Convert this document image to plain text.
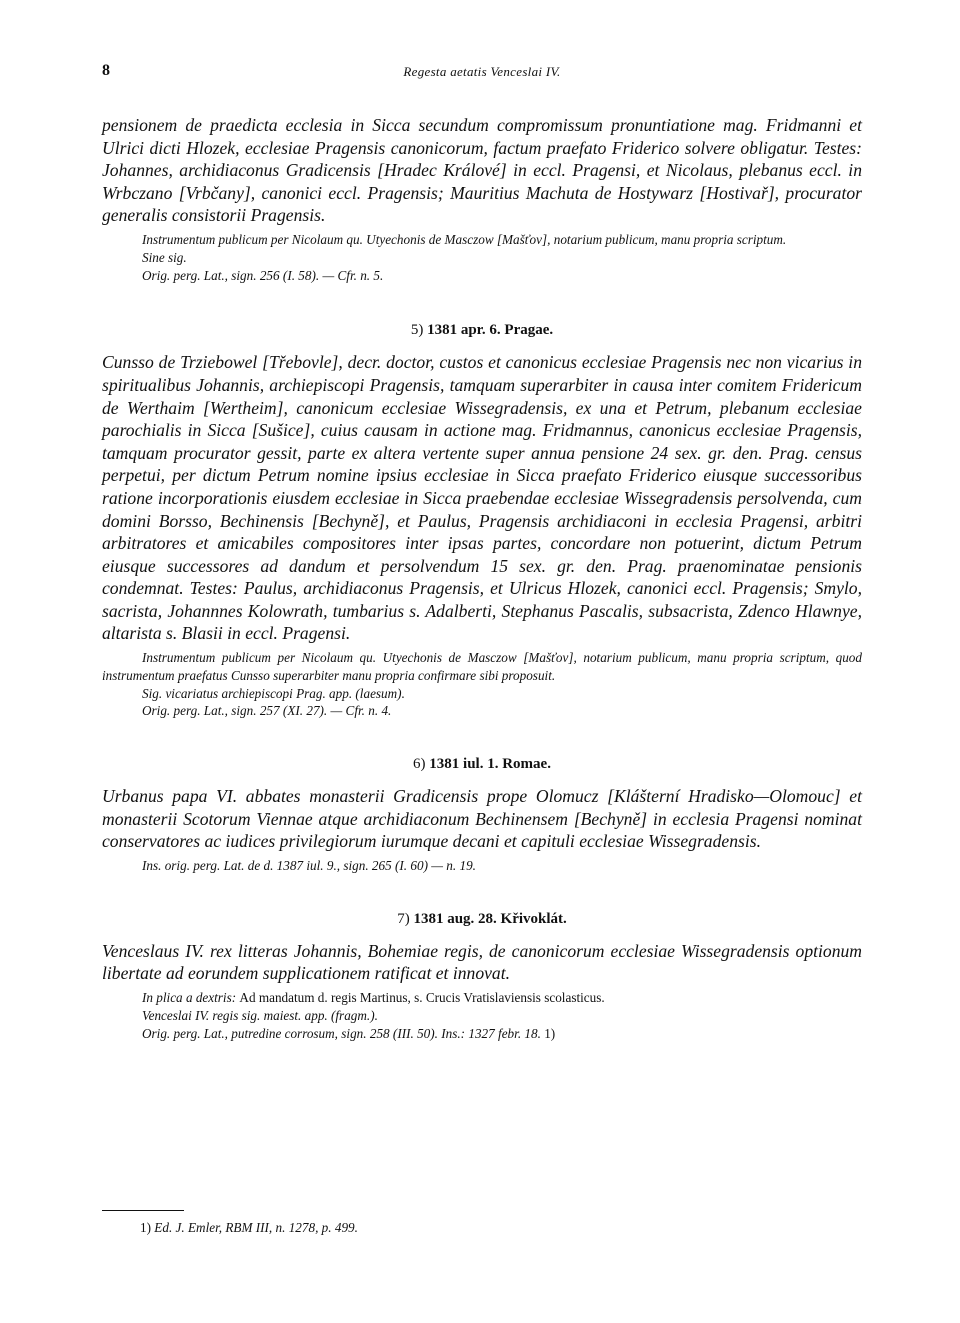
8	Regesta aetatis Venceslai IV.

pensionem de praedicta ecclesia in Sicca secundum compromissum pronuntiatione mag. Fridmanni et Ulrici dicti Hlozek, ecclesiae Pragensis canonicorum, factum praefato Friderico solvere obligatur. Testes: Johannes, archidiaconus Gradicensis [Hradec Králové] in eccl. Pragensi, et Nicolaus, plebanus eccl. in Wrbczano [Vrbčany], canonici eccl. Pragensis; Mauritius Machuta de Hostywarz [Hostivař], procurator generalis consistorii Pragensis.

Instrumentum publicum per Nicolaum qu. Utyechonis de Masczow [Mašťov], notarium publicum, manu propria scriptum.

Sine sig.

Orig. perg. Lat., sign. 256 (I. 58). — Cfr. n. 5.

5) 1381 apr. 6. Pragae.

Cunsso de Trziebowel [Třebovle], decr. doctor, custos et canonicus ecclesiae Pragensis nec non vicarius in spiritualibus Johannis, archiepiscopi Pragensis, tamquam superarbiter in causa inter comitem Fridericum de Werthaim [Wertheim], canonicum ecclesiae Wissegradensis, ex una et Petrum, plebanum ecclesiae parochialis in Sicca [Sušice], cuius causam in actione mag. Fridmannus, canonicus ecclesiae Pragensis, tamquam procurator gessit, parte ex altera vertente super annua pensione 24 sex. gr. den. Prag. census perpetui, per dictum Petrum nomine ipsius ecclesiae in Sicca praefato Friderico eiusque successoribus ratione incorporationis eiusdem ecclesiae in Sicca praebendae ecclesiae Wissegradensis persolvenda, cum domini Borsso, Bechinensis [Bechyně], et Paulus, Pragensis archidiaconi in ecclesia Pragensi, arbitri arbitratores et amicabiles compositores inter ipsas partes, concordare non potuerint, dictum Petrum eiusque successores ad dandum et persolvendum 15 sex. gr. den. Prag. praenominatae pensionis condemnat. Testes: Paulus, archidiaconus Pragensis, et Ulricus Hlozek, canonici eccl. Pragensis; Smylo, sacrista, Johannnes Kolowrath, tumbarius s. Adalberti, Stephanus Pascalis, subsacrista, Zdenco Hlawnye, altarista s. Blasii in eccl. Pragensi.

Instrumentum publicum per Nicolaum qu. Utyechonis de Masczow [Mašťov], notarium publicum, manu propria scriptum, quod instrumentum praefatus Cunsso superarbiter manu propria confirmare sibi proposuit.

Sig. vicariatus archiepiscopi Prag. app. (laesum).

Orig. perg. Lat., sign. 257 (XI. 27). — Cfr. n. 4.

6) 1381 iul. 1. Romae.

Urbanus papa VI. abbates monasterii Gradicensis prope Olomucz [Klášterní Hradisko—Olomouc] et monasterii Scotorum Viennae atque archidiaconum Bechinensem [Bechyně] in ecclesia Pragensi nominat conservatores ac iudices privilegiorum iurumque decani et capituli ecclesiae Wissegradensis.

Ins. orig. perg. Lat. de d. 1387 iul. 9., sign. 265 (I. 60) — n. 19.

7) 1381 aug. 28. Křivoklát.

Venceslaus IV. rex litteras Johannis, Bohemiae regis, de canonicorum ecclesiae Wissegradensis optionum libertate ad eorundem supplicationem ratificat et innovat.

In plica a dextris: Ad mandatum d. regis Martinus, s. Crucis Vratislaviensis scolasticus.

Venceslai IV. regis sig. maiest. app. (fragm.).

Orig. perg. Lat., putredine corrosum, sign. 258 (III. 50). Ins.: 1327 febr. 18. 1)

1) Ed. J. Emler, RBM III, n. 1278, p. 499.
